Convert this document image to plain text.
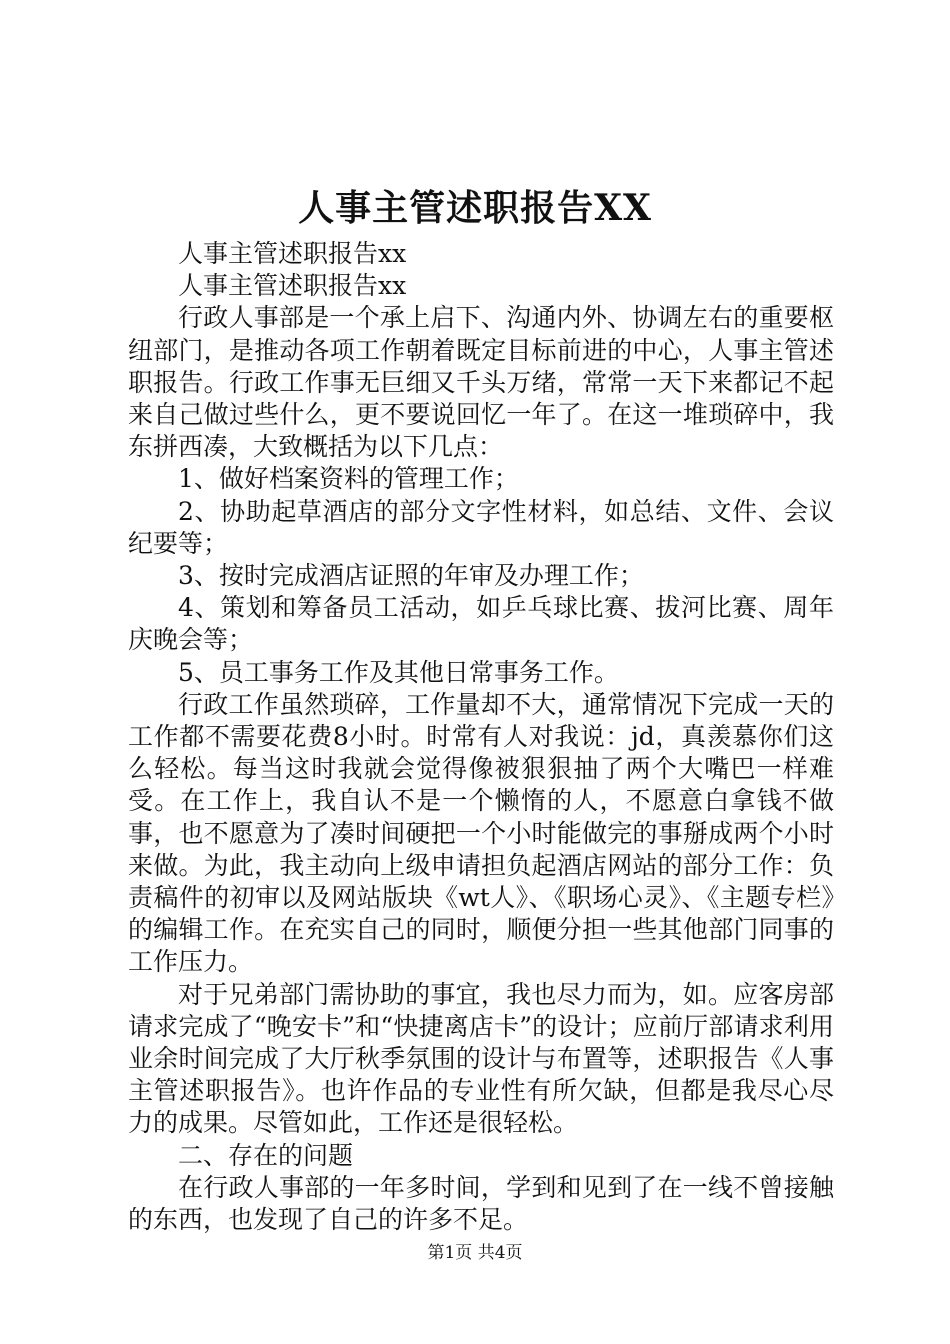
人事主管述职报告XX

人事主管述职报告xx

人事主管述职报告xx

行政人事部是一个承上启下、沟通内外、协调左右的重要枢纽部门，是推动各项工作朝着既定目标前进的中心，人事主管述职报告。行政工作事无巨细又千头万绪，常常一天下来都记不起来自己做过些什么，更不要说回忆一年了。在这一堆琐碎中，我东拼西凑，大致概括为以下几点：

1、做好档案资料的管理工作；

2、协助起草酒店的部分文字性材料，如总结、文件、会议纪要等；

3、按时完成酒店证照的年审及办理工作；

4、策划和筹备员工活动，如乒乓球比赛、拔河比赛、周年庆晚会等；

5、员工事务工作及其他日常事务工作。

行政工作虽然琐碎，工作量却不大，通常情况下完成一天的工作都不需要花费8小时。时常有人对我说：jd，真羡慕你们这么轻松。每当这时我就会觉得像被狠狠抽了两个大嘴巴一样难受。在工作上，我自认不是一个懒惰的人，不愿意白拿钱不做事，也不愿意为了凑时间硬把一个小时能做完的事掰成两个小时来做。为此，我主动向上级申请担负起酒店网站的部分工作：负责稿件的初审以及网站版块《wt人》、《职场心灵》、《主题专栏》的编辑工作。在充实自己的同时，顺便分担一些其他部门同事的工作压力。

对于兄弟部门需协助的事宜，我也尽力而为，如。应客房部请求完成了“晚安卡”和“快捷离店卡”的设计；应前厅部请求利用业余时间完成了大厅秋季氛围的设计与布置等，述职报告《人事主管述职报告》。也许作品的专业性有所欠缺，但都是我尽心尽力的成果。尽管如此，工作还是很轻松。

二、存在的问题

在行政人事部的一年多时间，学到和见到了在一线不曾接触的东西，也发现了自己的许多不足。

第1页 共4页
